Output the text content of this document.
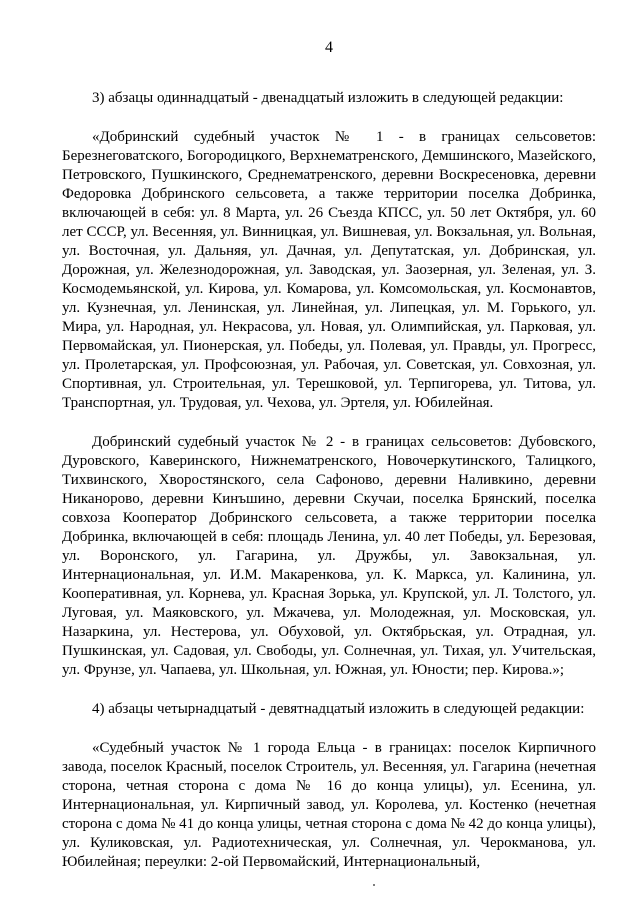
4

3) абзацы одиннадцатый - двенадцатый изложить в следующей редакции:

«Добринский судебный участок № 1 - в границах сельсоветов: Березнеговатского, Богородицкого, Верхнематренского, Демшинского, Мазейского, Петровского, Пушкинского, Среднематренского, деревни Воскресеновка, деревни Федоровка Добринского сельсовета, а также территории поселка Добринка, включающей в себя: ул. 8 Марта, ул. 26 Съезда КПСС, ул. 50 лет Октября, ул. 60 лет СССР, ул. Весенняя, ул. Винницкая, ул. Вишневая, ул. Вокзальная, ул. Вольная, ул. Восточная, ул. Дальняя, ул. Дачная, ул. Депутатская, ул. Добринская, ул. Дорожная, ул. Железнодорожная, ул. Заводская, ул. Заозерная, ул. Зеленая, ул. З. Космодемьянской, ул. Кирова, ул. Комарова, ул. Комсомольская, ул. Космонавтов, ул. Кузнечная, ул. Ленинская, ул. Линейная, ул. Липецкая, ул. М. Горького, ул. Мира, ул. Народная, ул. Некрасова, ул. Новая, ул. Олимпийская, ул. Парковая, ул. Первомайская, ул. Пионерская, ул. Победы, ул. Полевая, ул. Правды, ул. Прогресс, ул. Пролетарская, ул. Профсоюзная, ул. Рабочая, ул. Советская, ул. Совхозная, ул. Спортивная, ул. Строительная, ул. Терешковой, ул. Терпигорева, ул. Титова, ул. Транспортная, ул. Трудовая, ул. Чехова, ул. Эртеля, ул. Юбилейная.

Добринский судебный участок № 2 - в границах сельсоветов: Дубовского, Дуровского, Каверинского, Нижнематренского, Новочеркутинского, Талицкого, Тихвинского, Хворостянского, села Сафоново, деревни Наливкино, деревни Никаноровo, деревни Кинъшино, деревни Скучаи, поселка Брянский, поселка совхоза Кооператор Добринского сельсовета, а также территории поселка Добринка, включающей в себя: площадь Ленина, ул. 40 лет Победы, ул. Березовая, ул. Воронского, ул. Гагарина, ул. Дружбы, ул. Завокзальная, ул. Интернациональная, ул. И.М. Макаренкова, ул. К. Маркса, ул. Калинина, ул. Кооперативная, ул. Корнева, ул. Красная Зорька, ул. Крупской, ул. Л. Толстого, ул. Луговая, ул. Маяковского, ул. Мжачева, ул. Молодежная, ул. Московская, ул. Назаркина, ул. Нестерова, ул. Обуховой, ул. Октябрьская, ул. Отрадная, ул. Пушкинская, ул. Садовая, ул. Свободы, ул. Солнечная, ул. Тихая, ул. Учительская, ул. Фрунзе, ул. Чапаева, ул. Школьная, ул. Южная, ул. Юности; пер. Кирова.»;

4) абзацы четырнадцатый - девятнадцатый изложить в следующей редакции:

«Судебный участок № 1 города Ельца - в границах: поселок Кирпичного завода, поселок Красный, поселок Строитель, ул. Весенняя, ул. Гагарина (нечетная сторона, четная сторона с дома № 16 до конца улицы), ул. Есенина, ул. Интернациональная, ул. Кирпичный завод, ул. Королева, ул. Костенко (нечетная сторона с дома № 41 до конца улицы, четная сторона с дома № 42 до конца улицы), ул. Куликовская, ул. Радиотехническая, ул. Солнечная, ул. Черокманова, ул. Юбилейная; переулки: 2-ой Первомайский, Интернациональный,
